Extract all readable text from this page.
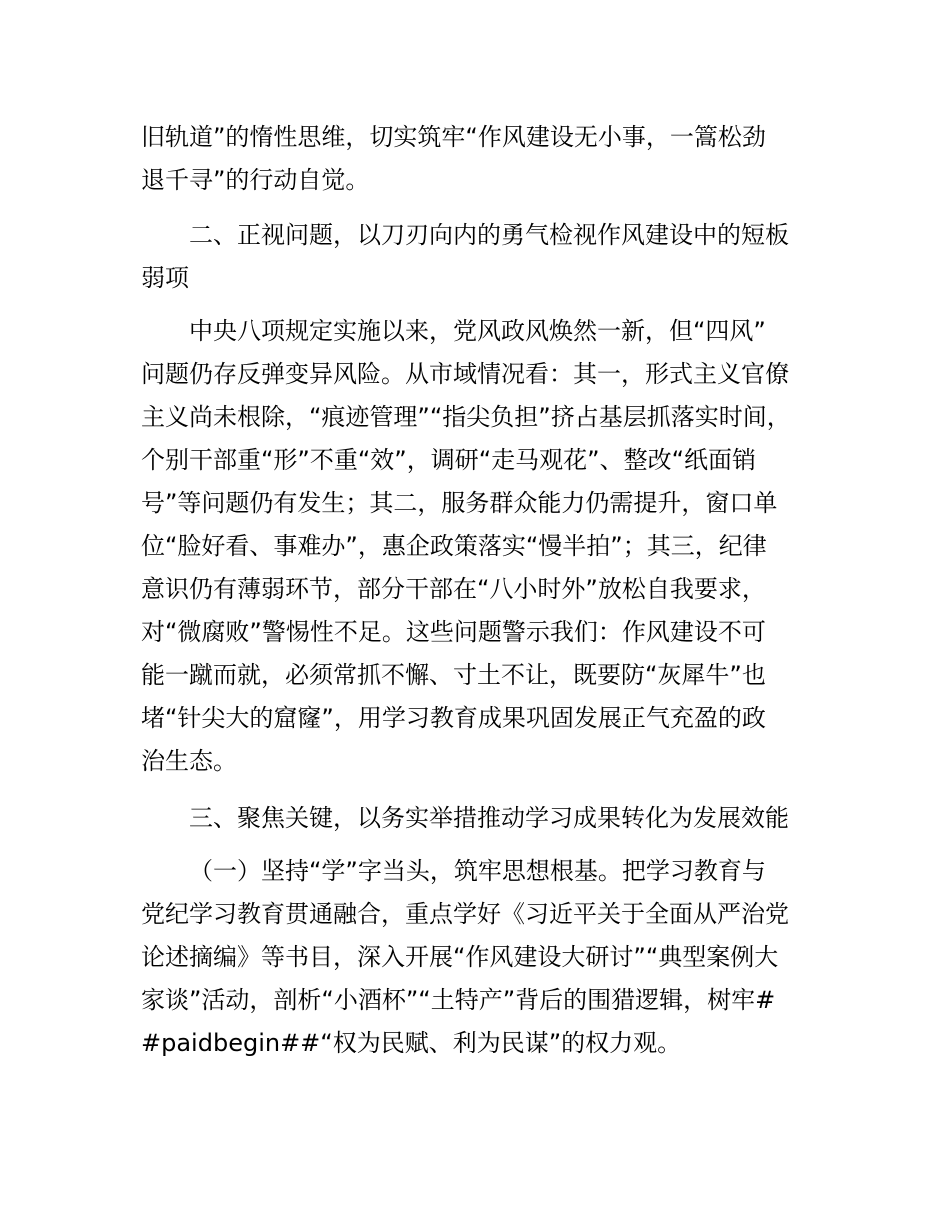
旧轨道”的惰性思维，切实筑牢“作风建设无小事，一篙松劲
退千寻”的行动自觉。
二、正视问题，以刀刃向内的勇气检视作风建设中的短板
弱项
中央八项规定实施以来，党风政风焕然一新，但“四风”
问题仍存反弹变异风险。从市域情况看：其一，形式主义官僚
主义尚未根除，“痕迹管理”“指尖负担”挤占基层抓落实时间，
个别干部重“形”不重“效”，调研“走马观花”、整改“纸面销
号”等问题仍有发生；其二，服务群众能力仍需提升，窗口单
位“脸好看、事难办”，惠企政策落实“慢半拍”；其三，纪律
意识仍有薄弱环节，部分干部在“八小时外”放松自我要求，
对“微腐败”警惕性不足。这些问题警示我们：作风建设不可
能一蹴而就，必须常抓不懈、寸土不让，既要防“灰犀牛”也
堵“针尖大的窟窿”，用学习教育成果巩固发展正气充盈的政
治生态。
三、聚焦关键，以务实举措推动学习成果转化为发展效能
（一）坚持“学”字当头，筑牢思想根基。把学习教育与
党纪学习教育贯通融合，重点学好《习近平关于全面从严治党
论述摘编》等书目，深入开展“作风建设大研讨”“典型案例大
家谈”活动，剖析“小酒杯”“土特产”背后的围猎逻辑，树牢#
#paidbegin##“权为民赋、利为民谋”的权力观。
